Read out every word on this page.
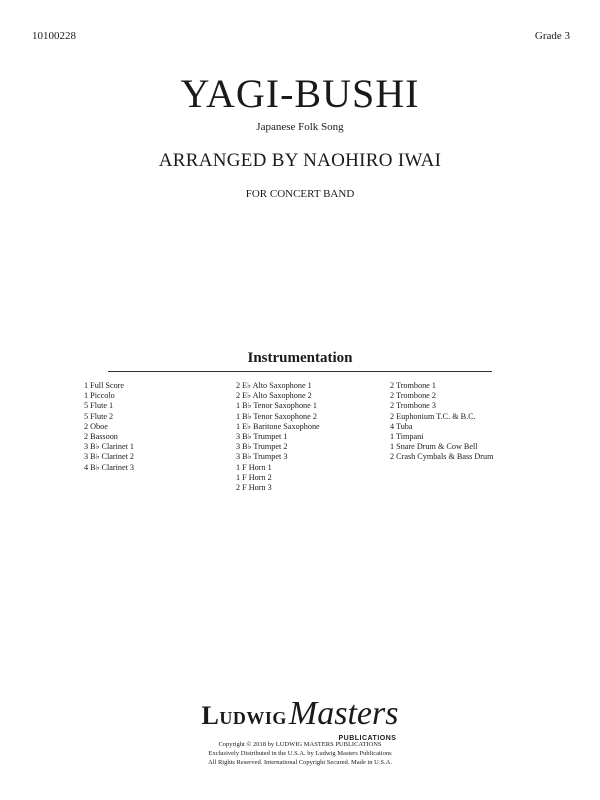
10100228	Grade 3
YAGI-BUSHI
Japanese Folk Song
ARRANGED BY NAOHIRO IWAI
FOR CONCERT BAND
Instrumentation
1 Full Score
1 Piccolo
5 Flute 1
5 Flute 2
2 Oboe
2 Bassoon
3 B♭ Clarinet 1
3 B♭ Clarinet 2
4 B♭ Clarinet 3
2 E♭ Alto Saxophone 1
2 E♭ Alto Saxophone 2
1 B♭ Tenor Saxophone 1
1 B♭ Tenor Saxophone 2
1 E♭ Baritone Saxophone
3 B♭ Trumpet 1
3 B♭ Trumpet 2
3 B♭ Trumpet 3
1 F Horn 1
1 F Horn 2
2 F Horn 3
2 Trombone 1
2 Trombone 2
2 Trombone 3
2 Euphonium T.C. & B.C.
4 Tuba
1 Timpani
1 Snare Drum & Cow Bell
2 Crash Cymbals & Bass Drum
LudwigMasters
PUBLICATIONS
Copyright © 2018 by LUDWIG MASTERS PUBLICATIONS
Exclusively Distributed in the U.S.A. by Ludwig Masters Publications
All Rights Reserved. International Copyright Secured. Made in U.S.A.
